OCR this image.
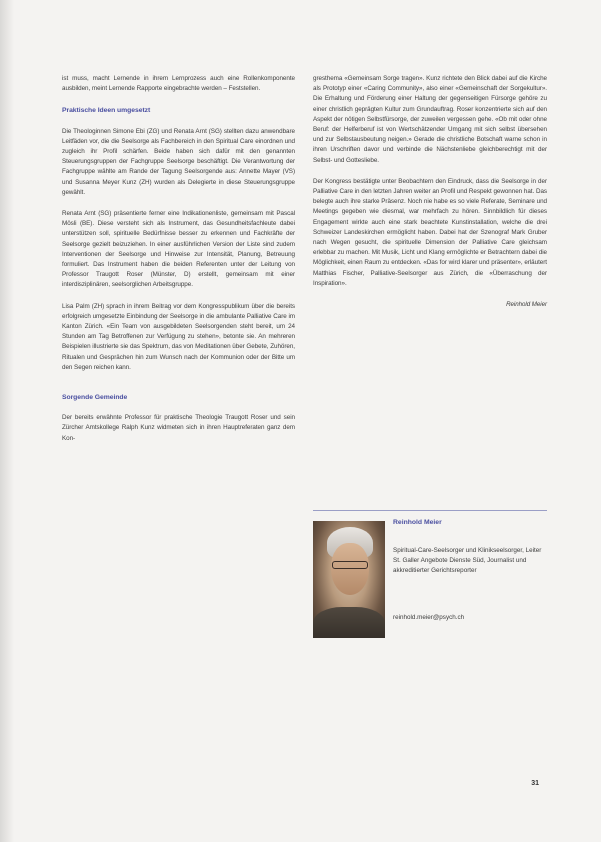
ist muss, macht Lernende in ihrem Lernprozess auch eine Rollenkomponente ausbilden, meint Lernende Rapporte eingebrachte werden – Feststellen.

Praktische Ideen umgesetzt

Die Theologinnen Simone Ebi (ZG) und Renata Arnt (SG) stellten dazu anwendbare Leitfäden vor, die die Seelsorge als Fachbereich in den Spiritual Care einordnen und zugleich ihr Profil schärfen. Beide haben sich dafür mit den genannten Steuerungsgruppen der Fachgruppe Seelsorge beschäftigt. Die Verantwortung der Fachgruppe wählte am Rande der Tagung Seelsorgende aus: Annette Mayer (VS) und Susanna Meyer Kunz (ZH) wurden als Delegierte in diese Steuerungsgruppe gewählt.

Renata Arnt (SG) präsentierte ferner eine Indikationenliste, gemeinsam mit Pascal Mösli (BE). Diese versteht sich als Instrument, das Gesundheitsfachleute dabei unterstützen soll, spirituelle Bedürfnisse besser zu erkennen und Fachkräfte der Seelsorge gezielt beizuziehen. In einer ausführlichen Version der Liste sind zudem Interventionen der Seelsorge und Hinweise zur Intensität, Planung, Betreuung formuliert. Das Instrument haben die beiden Referenten unter der Leitung von Professor Traugott Roser (Münster, D) erstellt, gemeinsam mit einer interdisziplinären, seelsorglichen Arbeitsgruppe.

Lisa Palm (ZH) sprach in ihrem Beitrag vor dem Kongresspublikum über die bereits erfolgreich umgesetzte Einbindung der Seelsorge in die ambulante Palliative Care im Kanton Zürich. «Ein Team von ausgebildeten Seelsorgenden steht bereit, um 24 Stunden am Tag Betroffenen zur Verfügung zu stehen», betonte sie. An mehreren Beispielen illustrierte sie das Spektrum, das von Meditationen über Gebete, Zuhören, Ritualen und Gesprächen hin zum Wunsch nach der Kommunion oder der Bitte um den Segen reichen kann.

Sorgende Gemeinde

Der bereits erwähnte Professor für praktische Theologie Traugott Roser und sein Zürcher Amtskollege Ralph Kunz widmeten sich in ihren Hauptreferaten ganz dem Kon-

gresthema «Gemeinsam Sorge tragen». Kunz richtete den Blick dabei auf die Kirche als Prototyp einer «Caring Community», also einer «Gemeinschaft der Sorgekultur». Die Erhaltung und Förderung einer Haltung der gegenseitigen Fürsorge gehöre zu einer christlich geprägten Kultur zum Grundauftrag. Roser konzentrierte sich auf den Aspekt der nötigen Selbstfürsorge, der zuweilen vergessen gehe. «Ob mit oder ohne Beruf: der Helferberuf ist von Wertschätzender Umgang mit sich selbst übersehen und zur Selbstausbeutung neigen.» Gerade die christliche Botschaft warne schon in ihren Urschriften davor und verbinde die Nächstenliebe gleichberechtigt mit der Selbst- und Gottesliebe.

Der Kongress bestätigte unter Beobachtern den Eindruck, dass die Seelsorge in der Palliative Care in den letzten Jahren weiter an Profil und Respekt gewonnen hat. Das belegte auch ihre starke Präsenz. Noch nie habe es so viele Referate, Seminare und Meetings gegeben wie diesmal, war mehrfach zu hören. Sinnbildlich für dieses Engagement wirkte auch eine stark beachtete Kunstinstallation, welche die drei Schweizer Landeskirchen ermöglicht haben. Dabei hat der Szenograf Mark Gruber nach Wegen gesucht, die spirituelle Dimension der Palliative Care gleichsam erlebbar zu machen. Mit Musik, Licht und Klang ermöglichte er Betrachtern dabei die Möglichkeit, einen Raum zu entdecken. «Das for wird klarer und präsenter», erläutert Matthias Fischer, Palliative-Seelsorger aus Zürich, die «Überraschung der Inspiration».

Reinhold Meier
Reinhold Meier
Spiritual-Care-Seelsorger und Klinikseelsorger, Leiter St. Galler Angebote Dienste Süd, Journalist und akkreditierter Gerichtsreporter
reinhold.meier@psych.ch
31
